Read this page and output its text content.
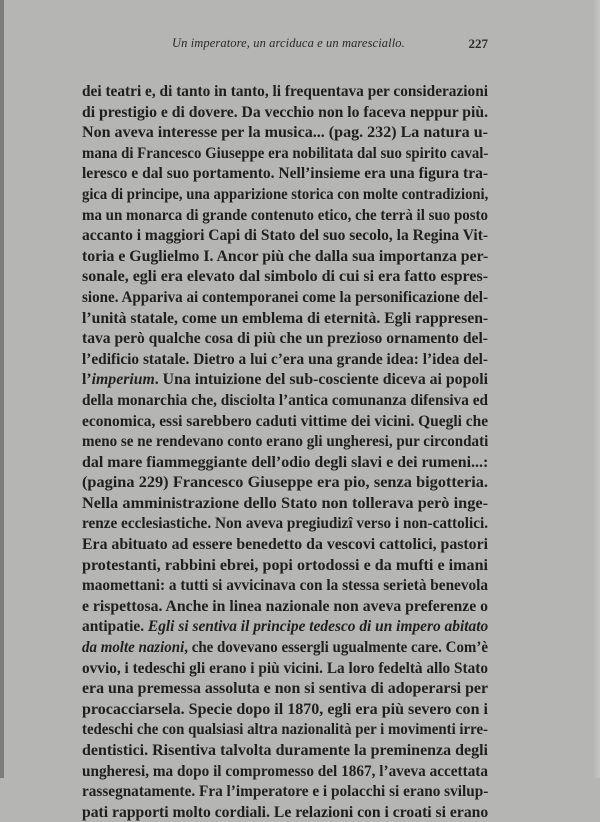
Un imperatore, un arciduca e un maresciallo.	227
dei teatri e, di tanto in tanto, li frequentava per considerazioni
di prestigio e di dovere. Da vecchio non lo faceva neppur più.
Non aveva interesse per la musica... (pag. 232) La natura u-
mana di Francesco Giuseppe era nobilitata dal suo spirito caval-
leresco e dal suo portamento. Nell’insieme era una figura tra-
gica di principe, una apparizione storica con molte contradizioni,
ma un monarca di grande contenuto etico, che terrà il suo posto
accanto i maggiori Capi di Stato del suo secolo, la Regina Vit-
toria e Guglielmo I. Ancor più che dalla sua importanza per-
sonale, egli era elevato dal simbolo di cui si era fatto espres-
sione. Appariva ai contemporanei come la personificazione del-
l’unità statale, come un emblema di eternità. Egli rappresen-
tava però qualche cosa di più che un prezioso ornamento del-
l’edificio statale. Dietro a lui c’era una grande idea: l’idea del-
l’imperium. Una intuizione del sub-cosciente diceva ai popoli
della monarchia che, disciolta l’antica comunanza difensiva ed
economica, essi sarebbero caduti vittime dei vicini. Quegli che
meno se ne rendevano conto erano gli ungheresi, pur circondati
dal mare fiammeggiante dell’odio degli slavi e dei rumeni...:
(pagina 229) Francesco Giuseppe era pio, senza bigotteria.
Nella amministrazione dello Stato non tollerava però inge-
renze ecclesiastiche. Non aveva pregiudizî verso i non-cattolici.
Era abituato ad essere benedetto da vescovi cattolici, pastori
protestanti, rabbini ebrei, popi ortodossi e da mufti e imani
maomettani: a tutti si avvicinava con la stessa serietà benevola
e rispettosa. Anche in linea nazionale non aveva preferenze o
antipatie. Egli si sentiva il principe tedesco di un impero abitato
da molte nazioni, che dovevano essergli ugualmente care. Com’è
ovvio, i tedeschi gli erano i più vicini. La loro fedeltà allo Stato
era una premessa assoluta e non si sentiva di adoperarsi per
procacciarsela. Specie dopo il 1870, egli era più severo con i
tedeschi che con qualsiasi altra nazionalità per i movimenti irre-
dentistici. Risentiva talvolta duramente la preminenza degli
ungheresi, ma dopo il compromesso del 1867, l’aveva accettata
rassegnatamente. Fra l’imperatore e i polacchi si erano svilup-
pati rapporti molto cordiali. Le relazioni con i croati si erano
